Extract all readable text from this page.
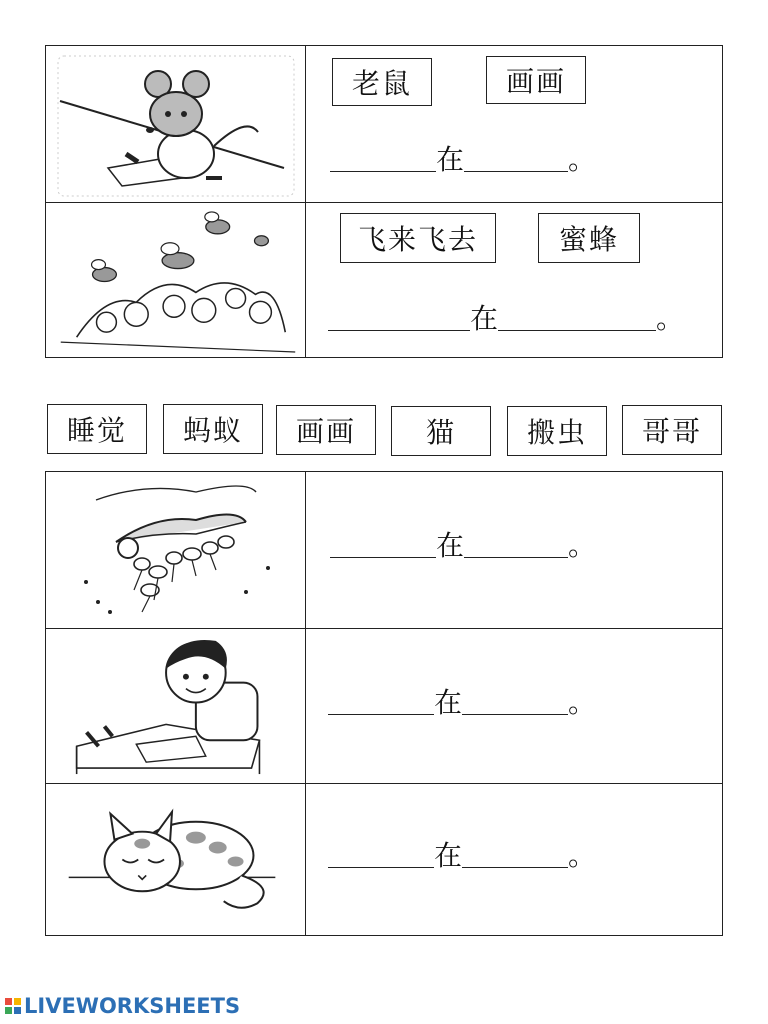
老鼠	画画
在	。
飞来飞去	蜜蜂
在	。
睡觉	蚂蚁	画画	猫	搬虫	哥哥
在	。
在	。
在	。
LIVEWORKSHEETS
